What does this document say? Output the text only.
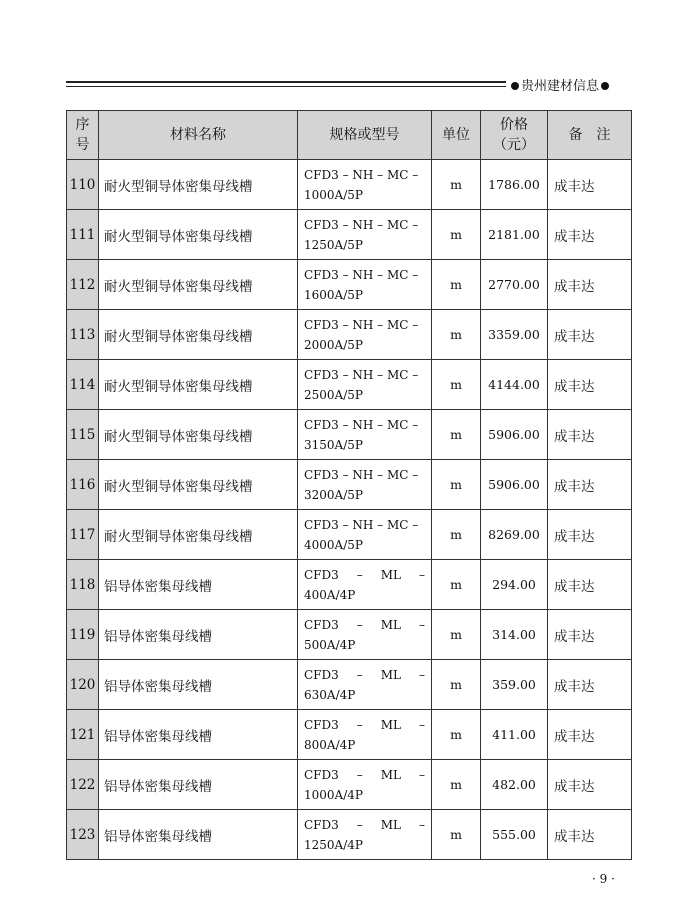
贵州建材信息
序
号	材料名称	规格或型号	单位	价格
（元）	备　注
110	耐火型铜导体密集母线槽	CFD3 – NH – MC –
1000A/5P	m	1786.00	成丰达
111	耐火型铜导体密集母线槽	CFD3 – NH – MC –
1250A/5P	m	2181.00	成丰达
112	耐火型铜导体密集母线槽	CFD3 – NH – MC –
1600A/5P	m	2770.00	成丰达
113	耐火型铜导体密集母线槽	CFD3 – NH – MC –
2000A/5P	m	3359.00	成丰达
114	耐火型铜导体密集母线槽	CFD3 – NH – MC –
2500A/5P	m	4144.00	成丰达
115	耐火型铜导体密集母线槽	CFD3 – NH – MC –
3150A/5P	m	5906.00	成丰达
116	耐火型铜导体密集母线槽	CFD3 – NH – MC –
3200A/5P	m	5906.00	成丰达
117	耐火型铜导体密集母线槽	CFD3 – NH – MC –
4000A/5P	m	8269.00	成丰达
118	铝导体密集母线槽	CFD3 – ML –
400A/4P	m	294.00	成丰达
119	铝导体密集母线槽	CFD3 – ML –
500A/4P	m	314.00	成丰达
120	铝导体密集母线槽	CFD3 – ML –
630A/4P	m	359.00	成丰达
121	铝导体密集母线槽	CFD3 – ML –
800A/4P	m	411.00	成丰达
122	铝导体密集母线槽	CFD3 – ML –
1000A/4P	m	482.00	成丰达
123	铝导体密集母线槽	CFD3 – ML –
1250A/4P	m	555.00	成丰达
· 9 ·
